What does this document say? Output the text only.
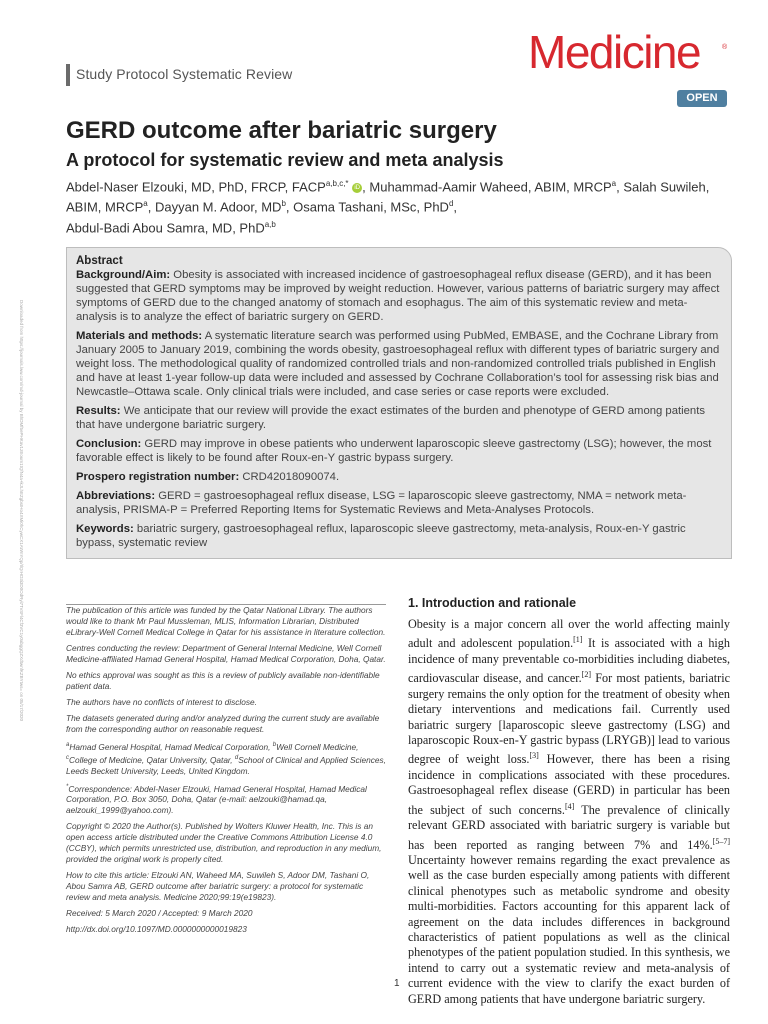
Study Protocol Systematic Review	Medicine	®
OPEN
GERD outcome after bariatric surgery
A protocol for systematic review and meta analysis
Abdel-Naser Elzouki, MD, PhD, FRCP, $FACP^{a,b,c,*}$ iD , Muhammad-Aamir Waheed, ABIM, MRCP$^a$, Salah Suwileh, ABIM, MRCP$^a$, Dayyan M. Adoor, $MD^b$, Osama Tashani, MSc, PhD$^d$,
Abdul-Badi Abou Samra, MD, PhD$^{a,b}$
Abstract

Background/Aim: Obesity is associated with increased incidence of gastroesophageal reflux disease (GERD), and it has been suggested that GERD symptoms may be improved by weight reduction. However, various patterns of bariatric surgery may affect symptoms of GERD due to the changed anatomy of stomach and esophagus. The aim of this systematic review and meta-analysis is to analyze the effect of bariatric surgery on GERD.

Materials and methods: A systematic literature search was performed using PubMed, EMBASE, and the Cochrane Library from January 2005 to January 2019, combining the words obesity, gastroesophageal reflux with different types of bariatric surgery and weight loss. The methodological quality of randomized controlled trials and non-randomized controlled trials published in English and have at least 1-year follow-up data were included and assessed by Cochrane Collaboration’s tool for assessing risk bias and Newcastle–Ottawa scale. Only clinical trials were included, and case series or case reports were excluded.

Results: We anticipate that our review will provide the exact estimates of the burden and phenotype of GERD among patients that have undergone bariatric surgery.

Conclusion: GERD may improve in obese patients who underwent laparoscopic sleeve gastrectomy (LSG); however, the most favorable effect is likely to be found after Roux-en-Y gastric bypass surgery.

Prospero registration number: CRD42018090074.

Abbreviations: GERD = gastroesophageal reflux disease, LSG = laparoscopic sleeve gastrectomy, NMA = network meta-analysis, PRISMA-P = Preferred Reporting Items for Systematic Reviews and Meta-Analyses Protocols.

Keywords: bariatric surgery, gastroesophageal reflux, laparoscopic sleeve gastrectomy, meta-analysis, Roux-en-Y gastric bypass, systematic review

Downloaded from https://journals.lww.com/md-journal by BhDMf5ePHKav1zEoum1tQfN4a+kJLhEZgbsIHo4XMi0hCywCX1AWnYQp/IlQrHD3i3D0OdRyi7TvSFl4Cf3VC1y0abggQZXdtwnfKZBYtws= on 05/17/2020	The publication of this article was funded by the Qatar National Library. The authors would like to thank Mr Paul Mussleman, MLIS, Information Librarian, Distributed eLibrary-Well Cornell Medical College in Qatar for his assistance in literature collection.

Centres conducting the review: Department of General Internal Medicine, Well Cornell Medicine-affiliated Hamad General Hospital, Hamad Medical Corporation, Doha, Qatar.

No ethics approval was sought as this is a review of publicly available non-identifiable patient data.

The authors have no conflicts of interest to disclose.

The datasets generated during and/or analyzed during the current study are available from the corresponding author on reasonable request.

$^a$Hamad General Hospital, Hamad Medical Corporation, $^b$Well Cornell Medicine, $^c$College of Medicine, Qatar University, Qatar, $^d$School of Clinical and Applied Sciences, Leeds Beckett University, Leeds, United Kingdom.

*Correspondence: Abdel-Naser Elzouki, Hamad General Hospital, Hamad Medical Corporation, P.O. Box 3050, Doha, Qatar (e-mail: aelzouki@hamad.qa, aelzouki_1999@yahoo.com).

Copyright © 2020 the Author(s). Published by Wolters Kluwer Health, Inc. This is an open access article distributed under the Creative Commons Attribution License 4.0 (CCBY), which permits unrestricted use, distribution, and reproduction in any medium, provided the original work is properly cited.

How to cite this article: Elzouki AN, Waheed MA, Suwileh S, Adoor DM, Tashani O, Abou Samra AB, GERD outcome after bariatric surgery: a protocol for systematic review and meta analysis. Medicine 2020;99:19(e19823).

Received: 5 March 2020 / Accepted: 9 March 2020

http://dx.doi.org/10.1097/MD.0000000000019823

1. Introduction and rationale

Obesity is a major concern all over the world affecting mainly adult and adolescent population.[1] It is associated with a high incidence of many preventable co-morbidities including diabetes, cardiovascular disease, and cancer.[2] For most patients, bariatric surgery remains the only option for the treatment of obesity when dietary interventions and medications fail. Currently used bariatric surgery [laparoscopic sleeve gastrectomy (LSG) and laparoscopic Roux-en-Y gastric bypass (LRYGB)] lead to various degree of weight loss.[3] However, there has been a rising incidence in complications associated with these procedures. Gastroesophageal reflex disease (GERD) in particular has been the subject of such concerns.[4] The prevalence of clinically relevant GERD associated with bariatric surgery is variable but has been reported as ranging between 7% and 14%.[5–7] Uncertainty however remains regarding the exact prevalence as well as the case burden especially among patients with different clinical phenotypes such as metabolic syndrome and obesity multi-morbidities. Factors accounting for this apparent lack of agreement on the data includes differences in background characteristics of patient populations as well as the clinical phenotypes of the patient population studied. In this synthesis, we intend to carry out a systematic review and meta-analysis of current evidence with the view to clarify the exact burden of GERD among patients that have undergone bariatric surgery.

1
